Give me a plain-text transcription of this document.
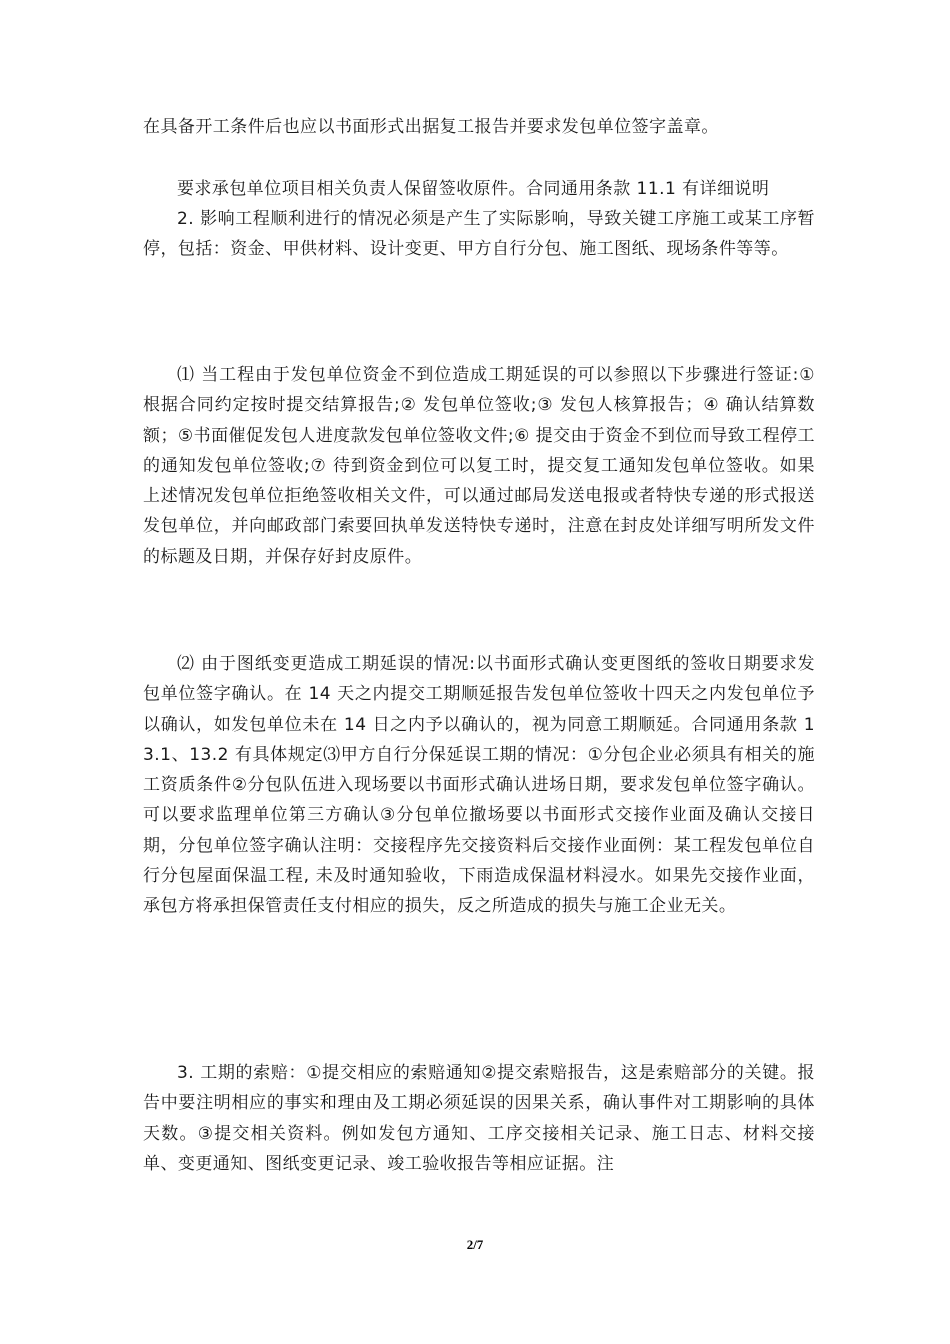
在具备开工条件后也应以书面形式出据复工报告并要求发包单位签字盖章。

要求承包单位项目相关负责人保留签收原件。合同通用条款 11.1 有详细说明

2. 影响工程顺利进行的情况必须是产生了实际影响，导致关键工序施工或某工序暂停，包括：资金、甲供材料、设计变更、甲方自行分包、施工图纸、现场条件等等。

⑴ 当工程由于发包单位资金不到位造成工期延误的可以参照以下步骤进行签证:① 根据合同约定按时提交结算报告;② 发包单位签收;③ 发包人核算报告；④ 确认结算数额；⑤书面催促发包人进度款发包单位签收文件;⑥ 提交由于资金不到位而导致工程停工的通知发包单位签收;⑦ 待到资金到位可以复工时，提交复工通知发包单位签收。如果上述情况发包单位拒绝签收相关文件，可以通过邮局发送电报或者特快专递的形式报送发包单位，并向邮政部门索要回执单发送特快专递时，注意在封皮处详细写明所发文件的标题及日期，并保存好封皮原件。

⑵ 由于图纸变更造成工期延误的情况:以书面形式确认变更图纸的签收日期要求发包单位签字确认。在 14 天之内提交工期顺延报告发包单位签收十四天之内发包单位予以确认，如发包单位未在 14 日之内予以确认的，视为同意工期顺延。合同通用条款 13.1、13.2 有具体规定⑶甲方自行分保延误工期的情况：①分包企业必须具有相关的施工资质条件②分包队伍进入现场要以书面形式确认进场日期，要求发包单位签字确认。可以要求监理单位第三方确认③分包单位撤场要以书面形式交接作业面及确认交接日期，分包单位签字确认注明：交接程序先交接资料后交接作业面例：某工程发包单位自行分包屋面保温工程, 未及时通知验收，下雨造成保温材料浸水。如果先交接作业面，承包方将承担保管责任支付相应的损失，反之所造成的损失与施工企业无关。

3. 工期的索赔：①提交相应的索赔通知②提交索赔报告，这是索赔部分的关键。报告中要注明相应的事实和理由及工期必须延误的因果关系，确认事件对工期影响的具体天数。③提交相关资料。例如发包方通知、工序交接相关记录、施工日志、材料交接单、变更通知、图纸变更记录、竣工验收报告等相应证据。注

2/7
